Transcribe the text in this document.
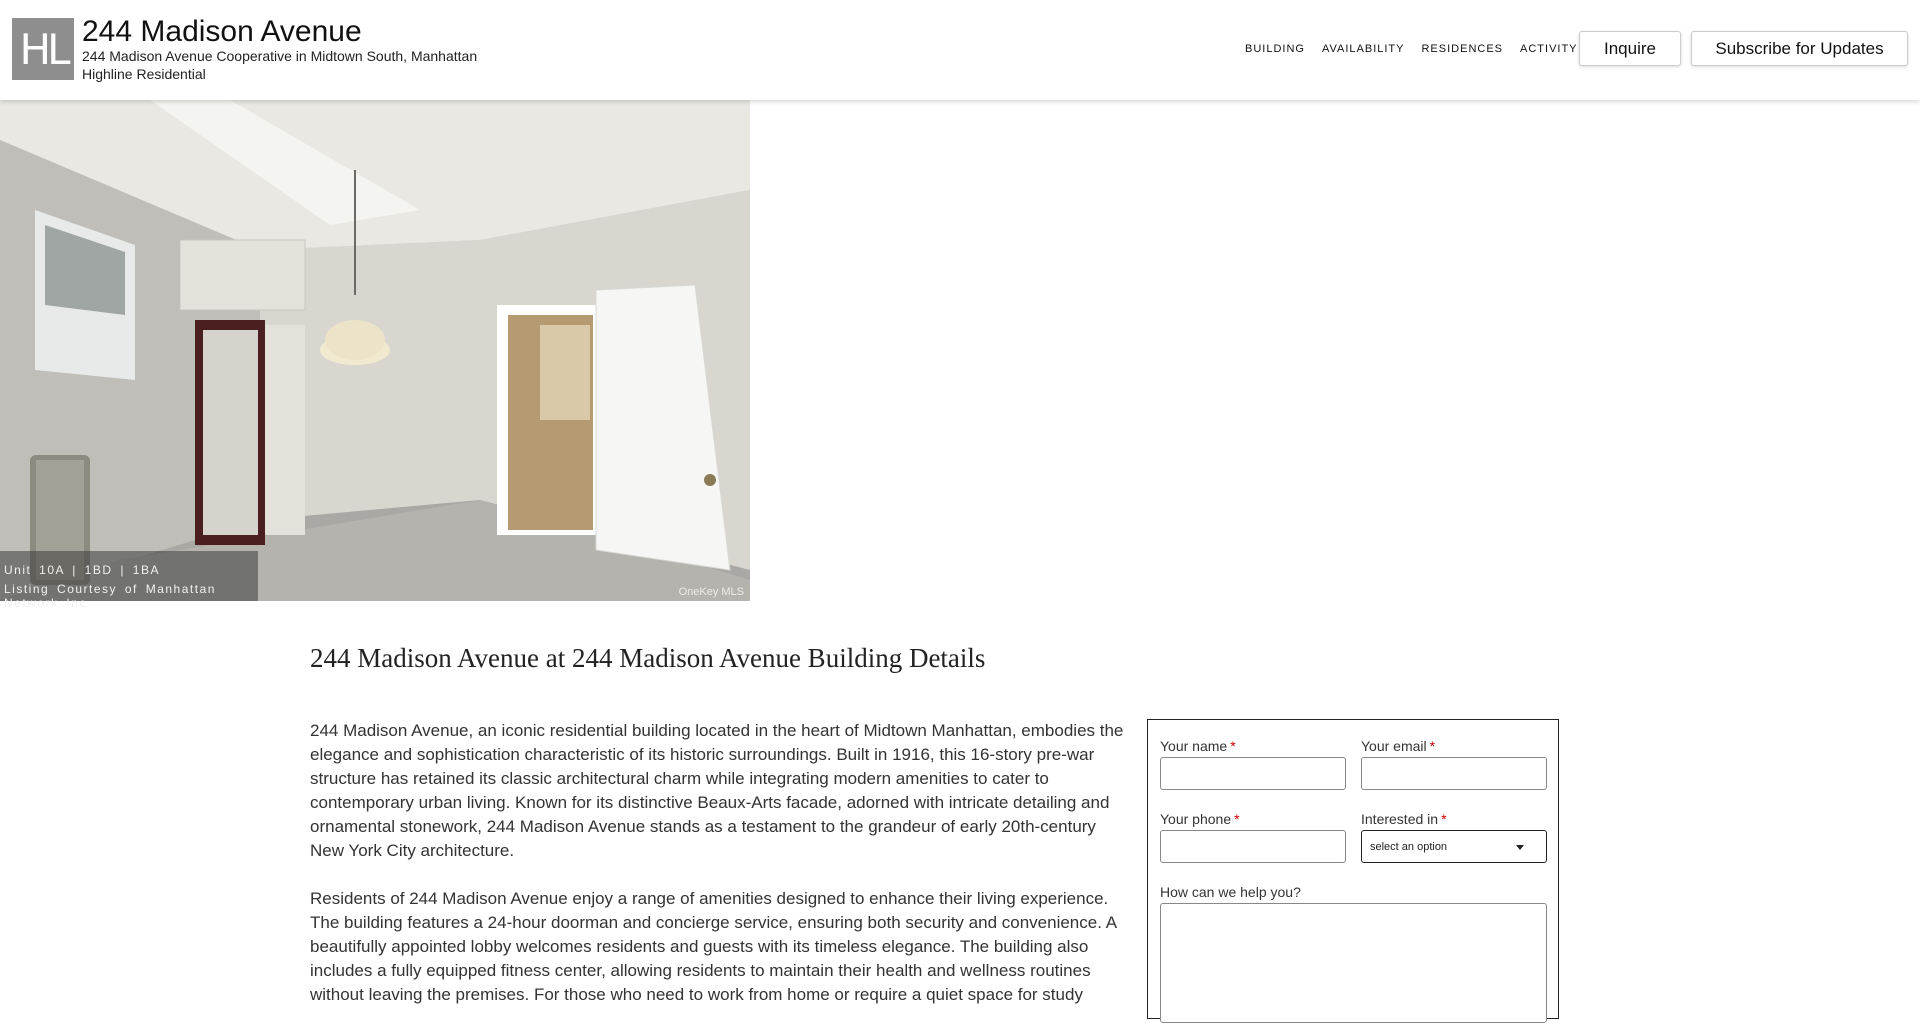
HL 244 Madison Avenue
244 Madison Avenue Cooperative in Midtown South, Manhattan
Highline Residential
BUILDING AVAILABILITY RESIDENCES ACTIVITY	Inquire	Subscribe for Updates
Unit 10A | 1BD | 1BA
Listing Courtesy of Manhattan Network Inc
OneKey MLS
244 Madison Avenue at 244 Madison Avenue Building Details

244 Madison Avenue, an iconic residential building located in the heart of Midtown Manhattan, embodies the elegance and sophistication characteristic of its historic surroundings. Built in 1916, this 16-story pre-war structure has retained its classic architectural charm while integrating modern amenities to cater to contemporary urban living. Known for its distinctive Beaux-Arts facade, adorned with intricate detailing and ornamental stonework, 244 Madison Avenue stands as a testament to the grandeur of early 20th-century New York City architecture.

Residents of 244 Madison Avenue enjoy a range of amenities designed to enhance their living experience. The building features a 24-hour doorman and concierge service, ensuring both security and convenience. A beautifully appointed lobby welcomes residents and guests with its timeless elegance. The building also includes a fully equipped fitness center, allowing residents to maintain their health and wellness routines without leaving the premises. For those who need to work from home or require a quiet space for study

Your name *	Your email *
Your phone *	Interested in *
select an option
How can we help you?
